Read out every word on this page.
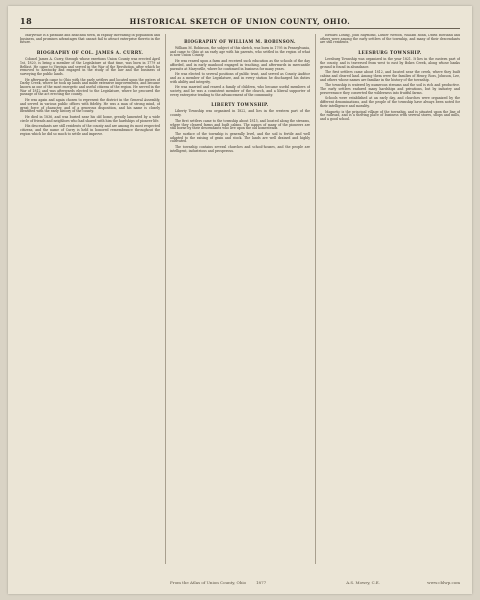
18	HISTORICAL SKETCH OF UNION COUNTY, OHIO.

Marysville is a pleasant and healthful town, in rapidly increasing in population and business, and promises advantages that cannot fail to attract enterprise thereto in the future.

BIOGRAPHY OF COL. JAMES A. CURRY.

Colonel James A. Curry, through whose exertions Union County was erected April 1st, 1820, is being a member of the Legislature at that time, was born in 1779 at Belfast. He came to Virginia and served in the War of the Revolution, after which he removed to Kentucky and engaged in the study of the law and the business of surveying the public lands.

He afterwards came to Ohio with the early settlers and located upon the waters of Darby Creek, where he took up lands and made extensive improvements, and became known as one of the most energetic and useful citizens of the region. He served in the War of 1812 and was afterwards elected to the Legislature, where he procured the passage of the act erecting the county.

He was again and again chosen to represent the district in the General Assembly, and served in various public offices with fidelity. He was a man of strong mind, of great force of character, and of a generous disposition, and his name is closely identified with the early history of the county.

He died in 1836, and was buried near his old home, greatly lamented by a wide circle of friends and neighbors who had shared with him the hardships of pioneer life.

His descendants are still residents of the county and are among its most respected citizens, and the name of Curry is held in honored remembrance throughout the region which he did so much to settle and improve.

BIOGRAPHY OF WILLIAM M. ROBINSON.

William M. Robinson, the subject of this sketch, was born in 1795 in Pennsylvania, and came to Ohio at an early age with his parents, who settled in the region of what is now Union County.

He was reared upon a farm and received such education as the schools of the day afforded, and in early manhood engaged in teaching, and afterwards in mercantile pursuits at Marysville, where he continued in business for many years.

He was elected to several positions of public trust, and served as County Auditor and as a member of the Legislature, and in every station he discharged his duties with ability and integrity.

He was married and reared a family of children, who became useful members of society, and he was a consistent member of the church, and a liberal supporter of every enterprise tending to the advancement of the community.

LIBERTY TOWNSHIP.

Liberty Township was organized in 1822, and lies in the western part of the county.

The first settlers came to the township about 1815, and located along the streams, where they cleared farms and built cabins. The names of many of the pioneers are still borne by their descendants who live upon the old homesteads.

The surface of the township is generally level, and the soil is fertile and well adapted to the raising of grain and stock. The lands are well drained and highly cultivated.

The township contains several churches and school-houses, and the people are intelligent, industrious and prosperous.

Edward Losing, John Raymond, Luther Weston, William Rohn, David Rowland and others were among the early settlers of the township, and many of their descendants are still residents.

LEESBURG TOWNSHIP.

Leesburg Township was organized in the year 1821. It lies in the eastern part of the county, and is traversed from west to east by Bokes Creek, along whose banks ground is found in abundance.

The first settlers came about 1812, and located near the creek, where they built cabins and cleared land. Among them were the families of Henry, Ross, Johnson, Lee, and others whose names are familiar in the history of the township.

The township is watered by numerous streams and the soil is rich and productive. The early settlers endured many hardships and privations, but by industry and perseverance they converted the wilderness into fruitful farms.

Schools were established at an early day, and churches were organized by the different denominations, and the people of the township have always been noted for their intelligence and morality.

Magnetic is the principal village of the township, and is situated upon the line of the railroad, and is a thriving place of business with several stores, shops and mills, and a good school.

From the Atlas of Union County, Ohio 1877	A.S. Mowry, C.E.	www.cblwp.com
